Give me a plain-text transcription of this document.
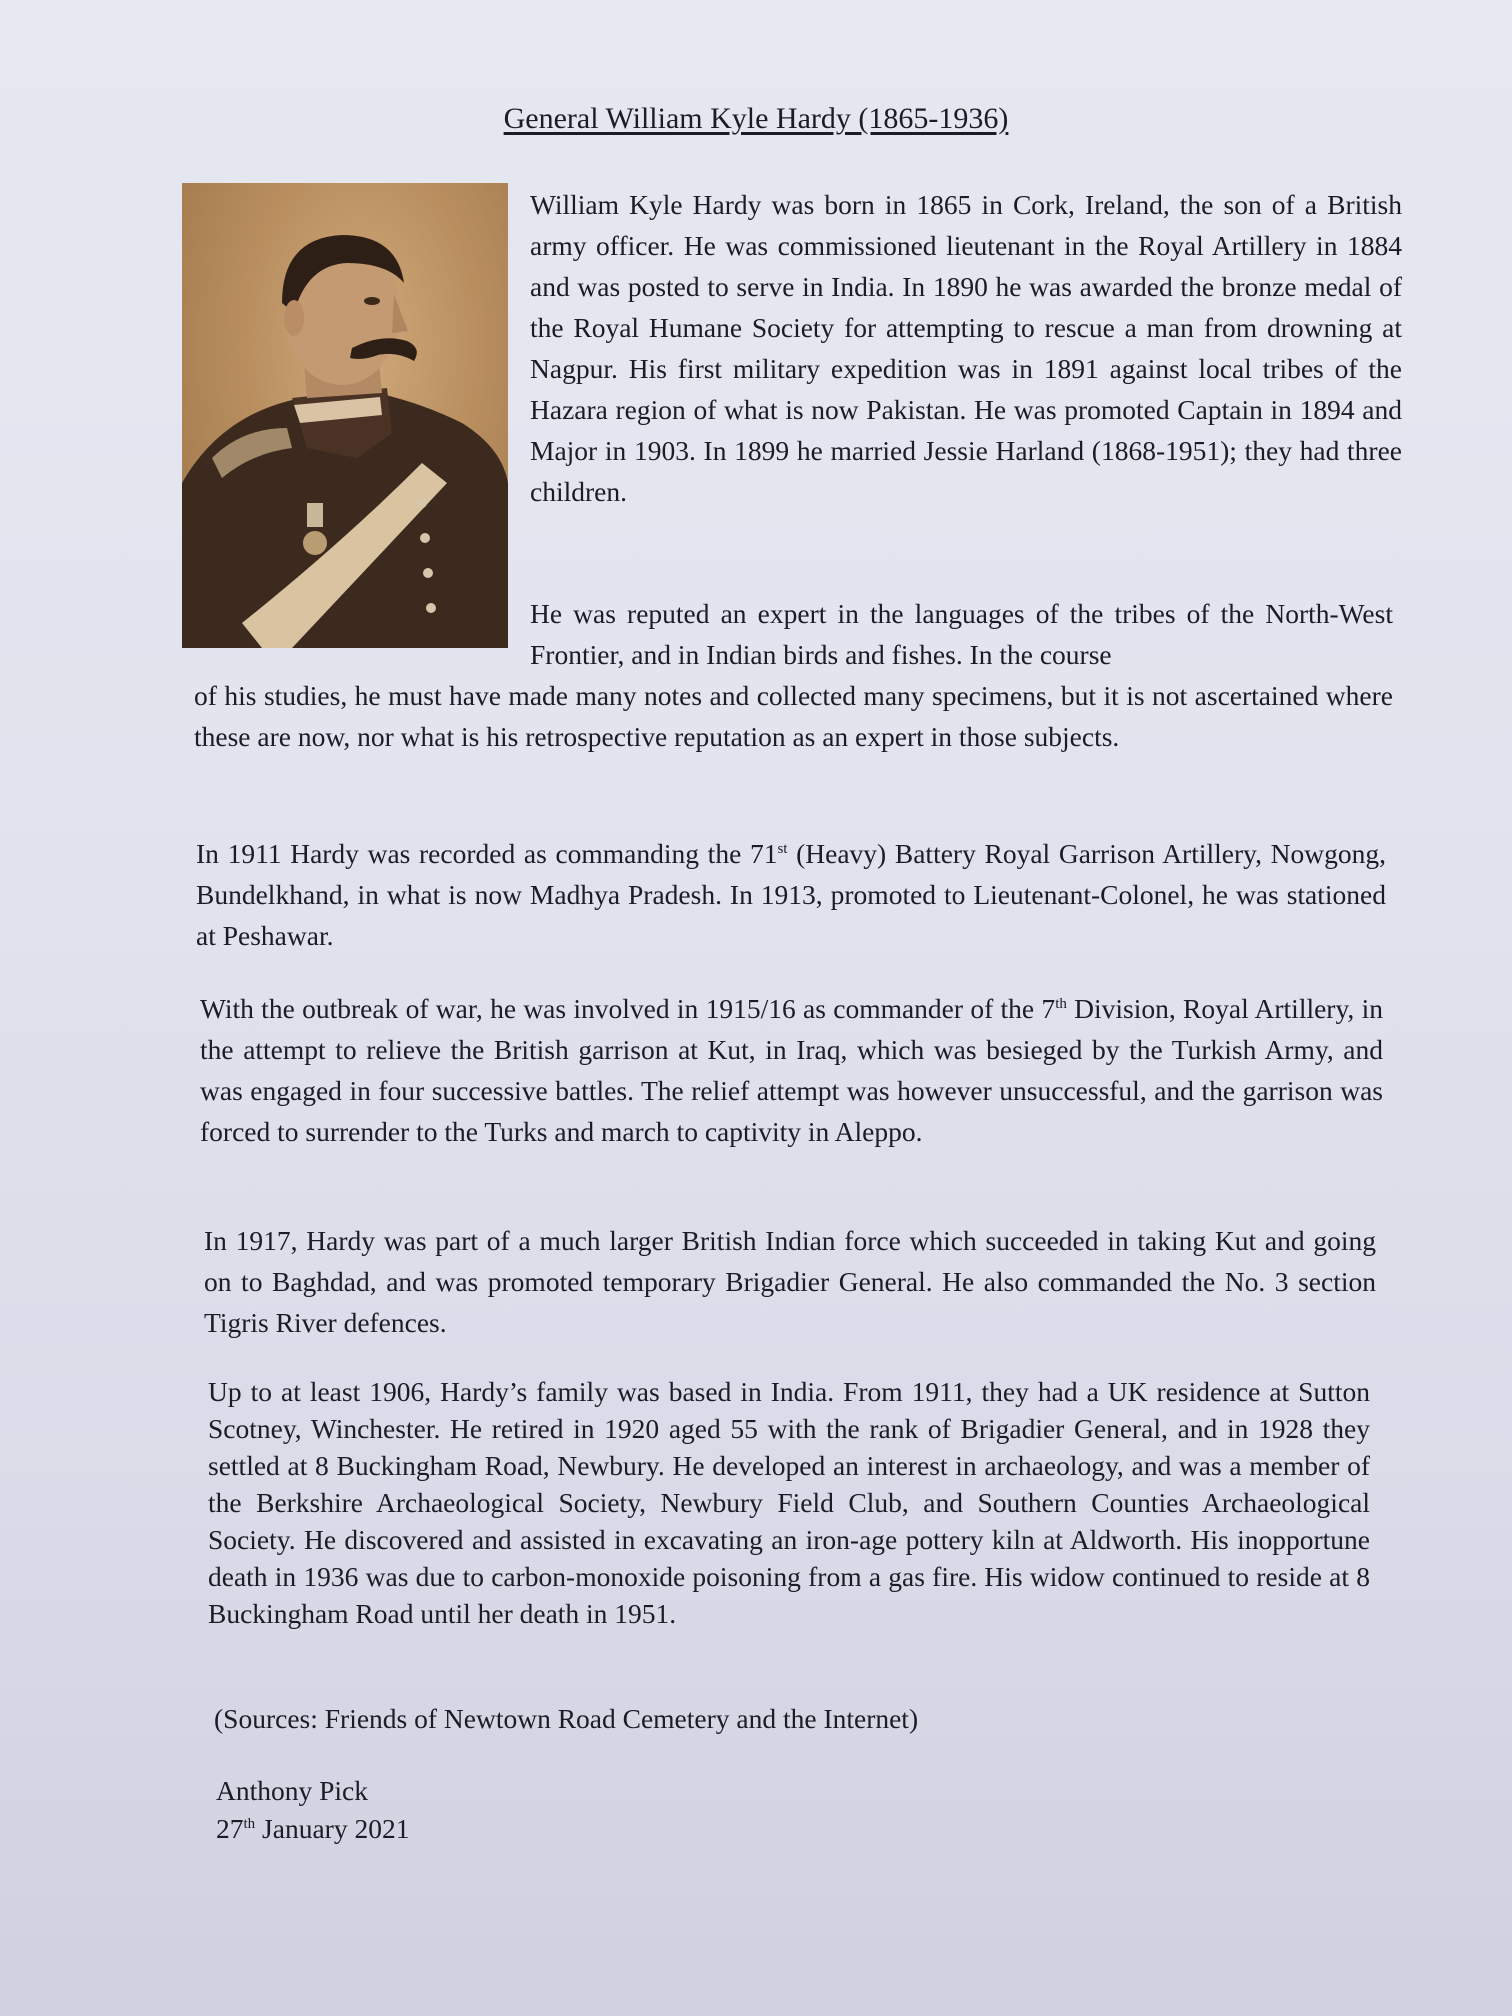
General William Kyle Hardy (1865-1936)

William Kyle Hardy was born in 1865 in Cork, Ireland, the son of a British army officer. He was commissioned lieutenant in the Royal Artillery in 1884 and was posted to serve in India. In 1890 he was awarded the bronze medal of the Royal Humane Society for attempting to rescue a man from drowning at Nagpur. His first military expedition was in 1891 against local tribes of the Hazara region of what is now Pakistan. He was promoted Captain in 1894 and Major in 1903. In 1899 he married Jessie Harland (1868-1951); they had three children.

He was reputed an expert in the languages of the tribes of the North-West Frontier, and in Indian birds and fishes. In the course

of his studies, he must have made many notes and collected many specimens, but it is not ascertained where these are now, nor what is his retrospective reputation as an expert in those subjects.

In 1911 Hardy was recorded as commanding the 71st (Heavy) Battery Royal Garrison Artillery, Nowgong, Bundelkhand, in what is now Madhya Pradesh. In 1913, promoted to Lieutenant-Colonel, he was stationed at Peshawar.

With the outbreak of war, he was involved in 1915/16 as commander of the 7th Division, Royal Artillery, in the attempt to relieve the British garrison at Kut, in Iraq, which was besieged by the Turkish Army, and was engaged in four successive battles. The relief attempt was however unsuccessful, and the garrison was forced to surrender to the Turks and march to captivity in Aleppo.

In 1917, Hardy was part of a much larger British Indian force which succeeded in taking Kut and going on to Baghdad, and was promoted temporary Brigadier General. He also commanded the No. 3 section Tigris River defences.

Up to at least 1906, Hardy’s family was based in India. From 1911, they had a UK residence at Sutton Scotney, Winchester. He retired in 1920 aged 55 with the rank of Brigadier General, and in 1928 they settled at 8 Buckingham Road, Newbury. He developed an interest in archaeology, and was a member of the Berkshire Archaeological Society, Newbury Field Club, and Southern Counties Archaeological Society. He discovered and assisted in excavating an iron-age pottery kiln at Aldworth. His inopportune death in 1936 was due to carbon-monoxide poisoning from a gas fire. His widow continued to reside at 8 Buckingham Road until her death in 1951.

(Sources: Friends of Newtown Road Cemetery and the Internet)

Anthony Pick
27th January 2021
